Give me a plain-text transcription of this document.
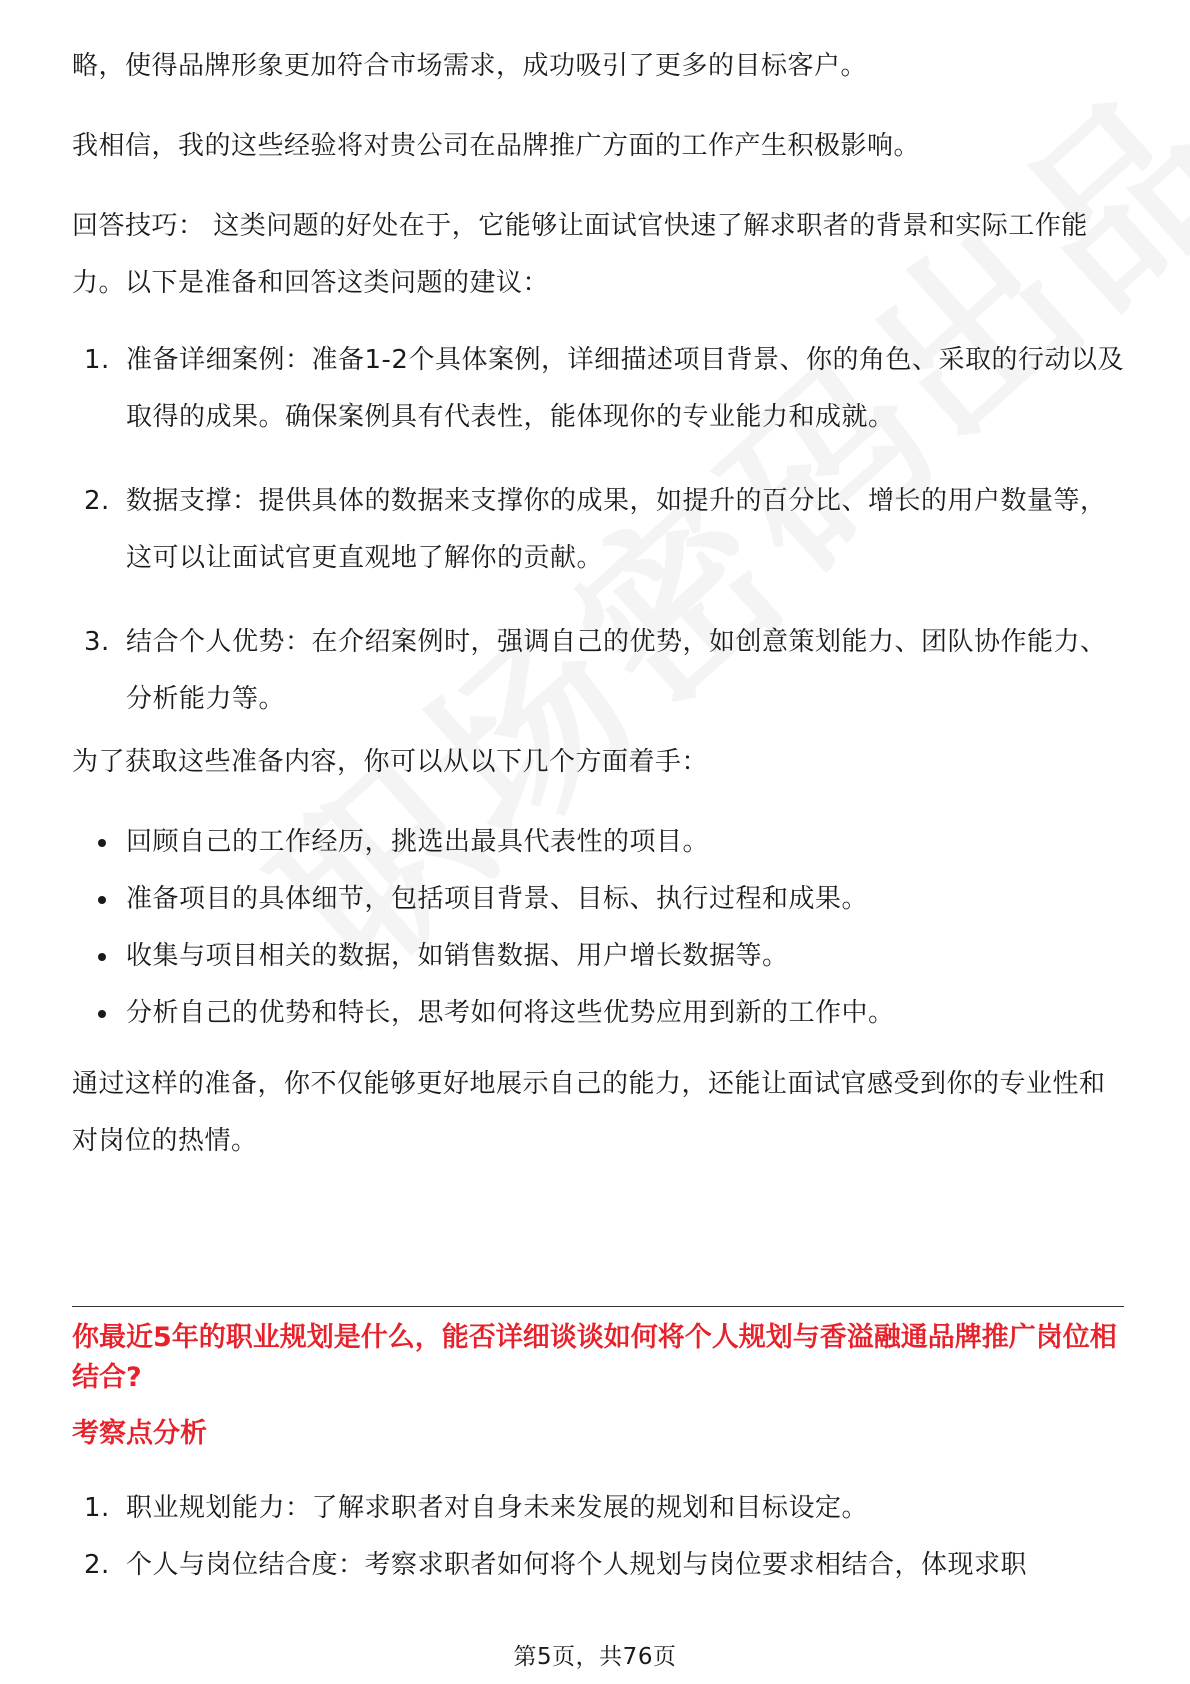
略，使得品牌形象更加符合市场需求，成功吸引了更多的目标客户。

我相信，我的这些经验将对贵公司在品牌推广方面的工作产生积极影响。

回答技巧： 这类问题的好处在于，它能够让面试官快速了解求职者的背景和实际工作能力。以下是准备和回答这类问题的建议：

1. 准备详细案例：准备1-2个具体案例，详细描述项目背景、你的角色、采取的行动以及取得的成果。确保案例具有代表性，能体现你的专业能力和成就。
2. 数据支撑：提供具体的数据来支撑你的成果，如提升的百分比、增长的用户数量等，这可以让面试官更直观地了解你的贡献。
3. 结合个人优势：在介绍案例时，强调自己的优势，如创意策划能力、团队协作能力、分析能力等。

为了获取这些准备内容，你可以从以下几个方面着手：

回顾自己的工作经历，挑选出最具代表性的项目。
准备项目的具体细节，包括项目背景、目标、执行过程和成果。
收集与项目相关的数据，如销售数据、用户增长数据等。
分析自己的优势和特长，思考如何将这些优势应用到新的工作中。

通过这样的准备，你不仅能够更好地展示自己的能力，还能让面试官感受到你的专业性和对岗位的热情。

你最近5年的职业规划是什么，能否详细谈谈如何将个人规划与香溢融通品牌推广岗位相结合?
考察点分析
1. 职业规划能力：了解求职者对自身未来发展的规划和目标设定。
2. 个人与岗位结合度：考察求职者如何将个人规划与岗位要求相结合，体现求职
第5页，共76页
